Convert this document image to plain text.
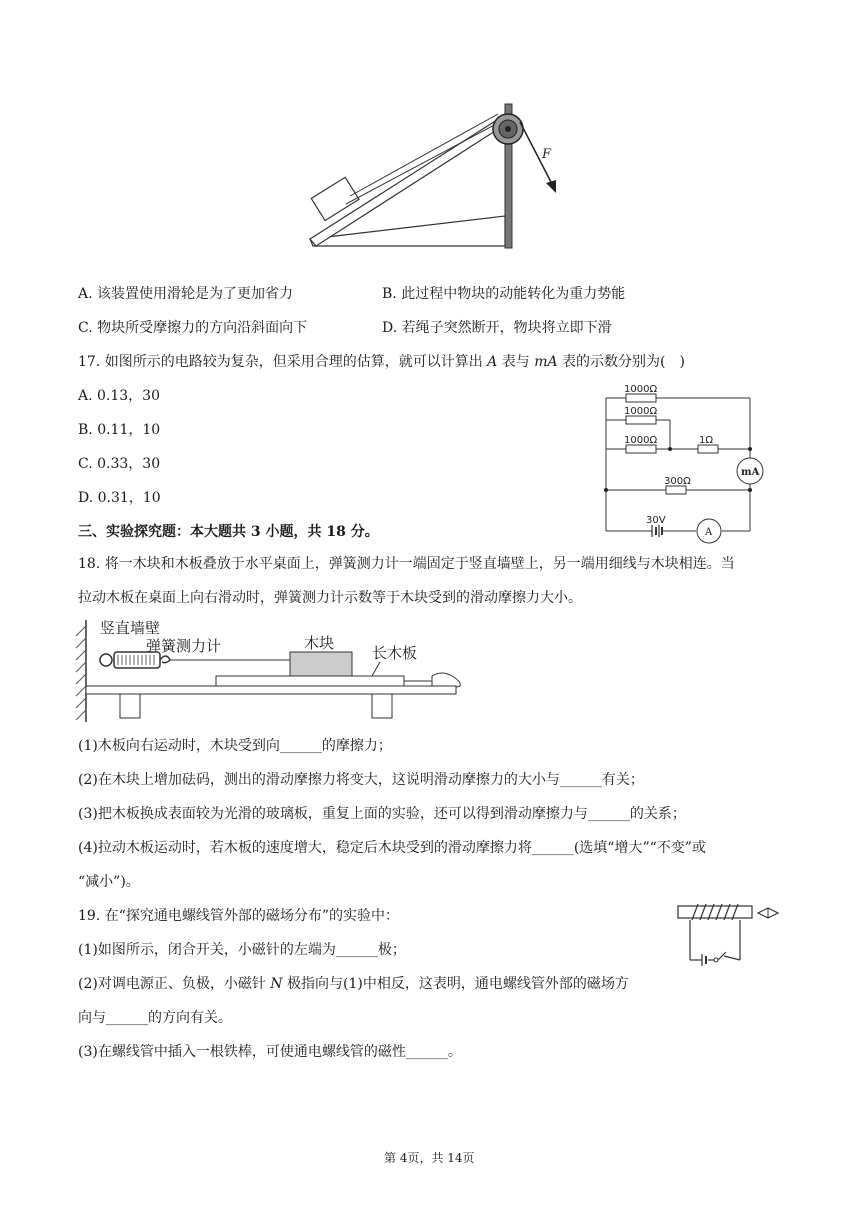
F
A. 该装置使用滑轮是为了更加省力	B. 此过程中物块的动能转化为重力势能
C. 物块所受摩擦力的方向沿斜面向下	D. 若绳子突然断开，物块将立即下滑
17. 如图所示的电路较为复杂，但采用合理的估算，就可以计算出 A 表与 mA 表的示数分别为( )
A. 0.13，30
B. 0.11，10
C. 0.33，30
D. 0.31，10
1000Ω
1000Ω
1000Ω	1Ω
300Ω
30V
mA
A
三、实验探究题：本大题共 3 小题，共 18 分。
18. 将一木块和木板叠放于水平桌面上，弹簧测力计一端固定于竖直墙壁上，另一端用细线与木块相连。当
拉动木板在桌面上向右滑动时，弹簧测力计示数等于木块受到的滑动摩擦力大小。
竖直墙壁
弹簧测力计	木块
长木板
(1)木板向右运动时，木块受到向______的摩擦力；
(2)在木块上增加砝码，测出的滑动摩擦力将变大，这说明滑动摩擦力的大小与______有关；
(3)把木板换成表面较为光滑的玻璃板，重复上面的实验，还可以得到滑动摩擦力与______的关系；
(4)拉动木板运动时，若木板的速度增大，稳定后木块受到的滑动摩擦力将______(选填“增大”“不变”或
“减小”)。
19. 在“探究通电螺线管外部的磁场分布”的实验中：
(1)如图所示，闭合开关，小磁针的左端为______极；
(2)对调电源正、负极，小磁针 N 极指向与(1)中相反，这表明，通电螺线管外部的磁场方
向与______的方向有关。
(3)在螺线管中插入一根铁棒，可使通电螺线管的磁性______。
第 4页，共 14页
